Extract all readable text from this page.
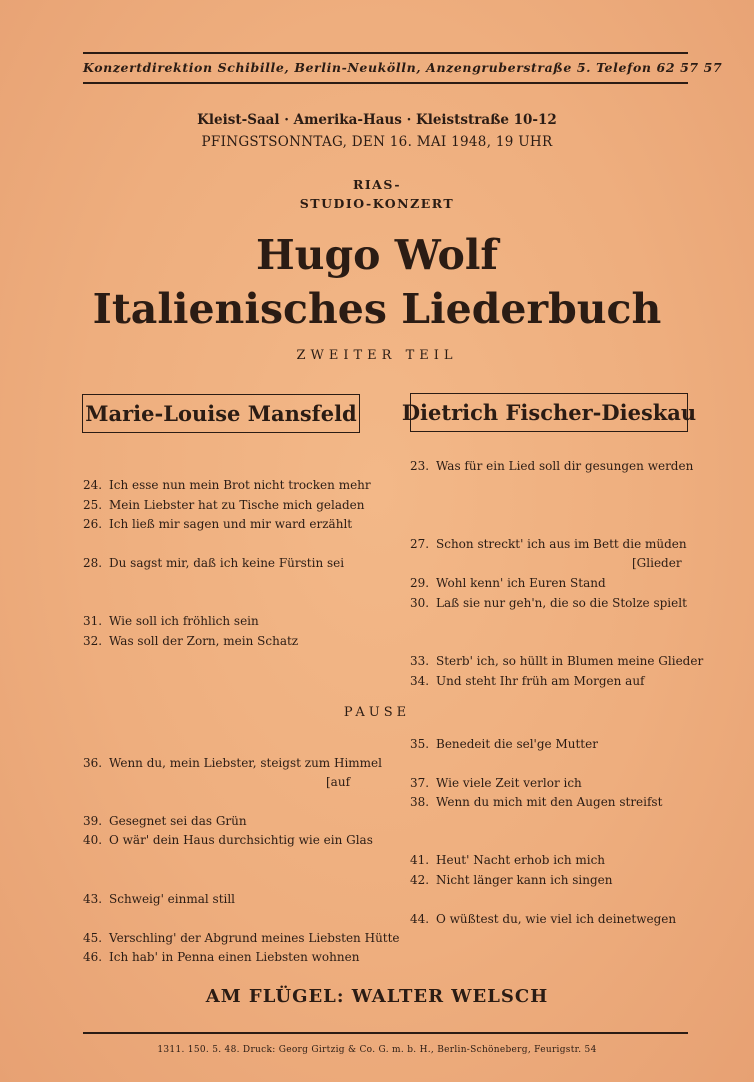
Konzertdirektion Schibille, Berlin-Neukölln, Anzengruberstraße 5. Telefon 62 57 57
Kleist-Saal · Amerika-Haus · Kleiststraße 10-12
PFINGSTSONNTAG, DEN 16. MAI 1948, 19 UHR
RIAS-
STUDIO-KONZERT
Hugo Wolf
Italienisches Liederbuch
ZWEITER TEIL
Marie-Louise Mansfeld Dietrich Fischer-Dieskau
24. Ich esse nun mein Brot nicht trocken mehr
25. Mein Liebster hat zu Tische mich geladen
26. Ich ließ mir sagen und mir ward erzählt
28. Du sagst mir, daß ich keine Fürstin sei
31. Wie soll ich fröhlich sein
32. Was soll der Zorn, mein Schatz
36. Wenn du, mein Liebster, steigst zum Himmel
[auf
39. Gesegnet sei das Grün
40. O wär' dein Haus durchsichtig wie ein Glas
43. Schweig' einmal still
45. Verschling' der Abgrund meines Liebsten Hütte
46. Ich hab' in Penna einen Liebsten wohnen
23. Was für ein Lied soll dir gesungen werden
27. Schon streckt' ich aus im Bett die müden
[Glieder
29. Wohl kenn' ich Euren Stand
30. Laß sie nur geh'n, die so die Stolze spielt
33. Sterb' ich, so hüllt in Blumen meine Glieder
34. Und steht Ihr früh am Morgen auf
35. Benedeit die sel'ge Mutter
37. Wie viele Zeit verlor ich
38. Wenn du mich mit den Augen streifst
41. Heut' Nacht erhob ich mich
42. Nicht länger kann ich singen
44. O wüßtest du, wie viel ich deinetwegen
PAUSE
AM FLÜGEL: WALTER WELSCH
1311. 150. 5. 48. Druck: Georg Girtzig & Co. G. m. b. H., Berlin-Schöneberg, Feurigstr. 54
